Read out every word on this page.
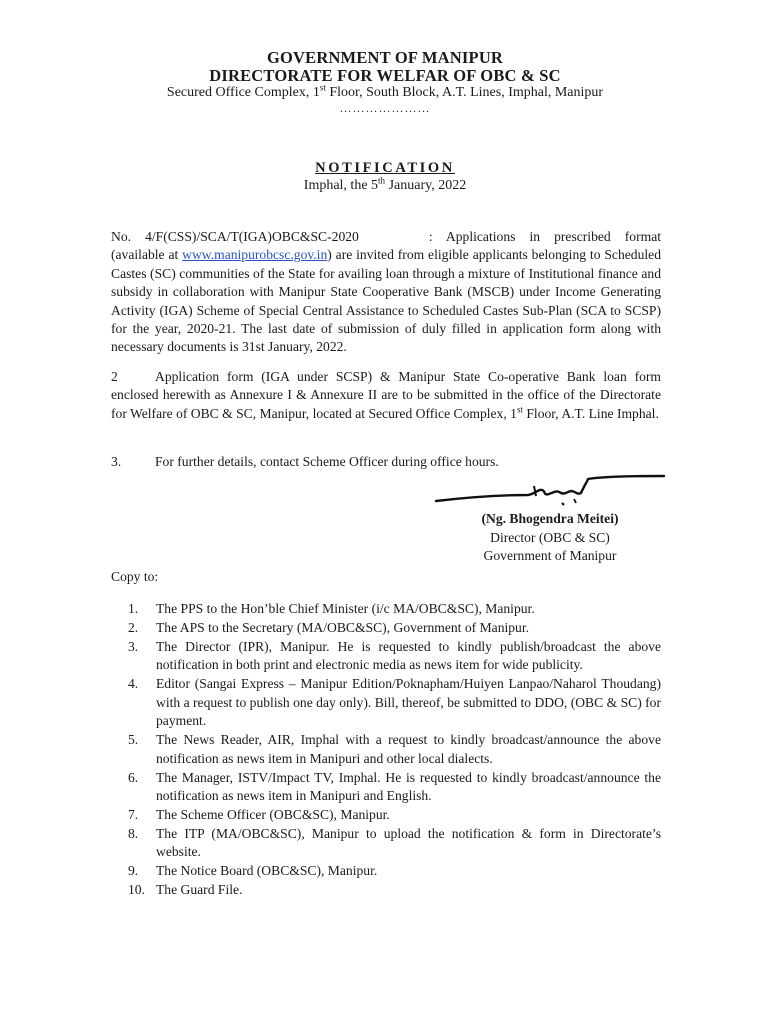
GOVERNMENT OF MANIPUR
DIRECTORATE FOR WELFAR OF OBC & SC
Secured Office Complex, 1st Floor, South Block, A.T. Lines, Imphal, Manipur
…………………
NOTIFICATION
Imphal, the 5th January, 2022
No. 4/F(CSS)/SCA/T(IGA)OBC&SC-2020	: Applications in prescribed format (available at www.manipurobcsc.gov.in) are invited from eligible applicants belonging to Scheduled Castes (SC) communities of the State for availing loan through a mixture of Institutional finance and subsidy in collaboration with Manipur State Cooperative Bank (MSCB) under Income Generating Activity (IGA) Scheme of Special Central Assistance to Scheduled Castes Sub-Plan (SCA to SCSP) for the year, 2020-21. The last date of submission of duly filled in application form along with necessary documents is 31st January, 2022.
2	Application form (IGA under SCSP) & Manipur State Co-operative Bank loan form enclosed herewith as Annexure I & Annexure II are to be submitted in the office of the Directorate for Welfare of OBC & SC, Manipur, located at Secured Office Complex, 1st Floor, A.T. Line Imphal.
3. For further details, contact Scheme Officer during office hours.
(Ng. Bhogendra Meitei)
Director (OBC & SC)
Government of Manipur
Copy to:
1.	The PPS to the Hon’ble Chief Minister (i/c MA/OBC&SC), Manipur.
2.	The APS to the Secretary (MA/OBC&SC), Government of Manipur.
3.	The Director (IPR), Manipur. He is requested to kindly publish/broadcast the above notification in both print and electronic media as news item for wide publicity.
4.	Editor (Sangai Express – Manipur Edition/Poknapham/Huiyen Lanpao/Naharol Thoudang) with a request to publish one day only). Bill, thereof, be submitted to DDO, (OBC & SC) for payment.
5.	The News Reader, AIR, Imphal with a request to kindly broadcast/announce the above notification as news item in Manipuri and other local dialects.
6.	The Manager, ISTV/Impact TV, Imphal. He is requested to kindly broadcast/announce the notification as news item in Manipuri and English.
7.	The Scheme Officer (OBC&SC), Manipur.
8.	The ITP (MA/OBC&SC), Manipur to upload the notification & form in Directorate’s website.
9.	The Notice Board (OBC&SC), Manipur.
10. The Guard File.
